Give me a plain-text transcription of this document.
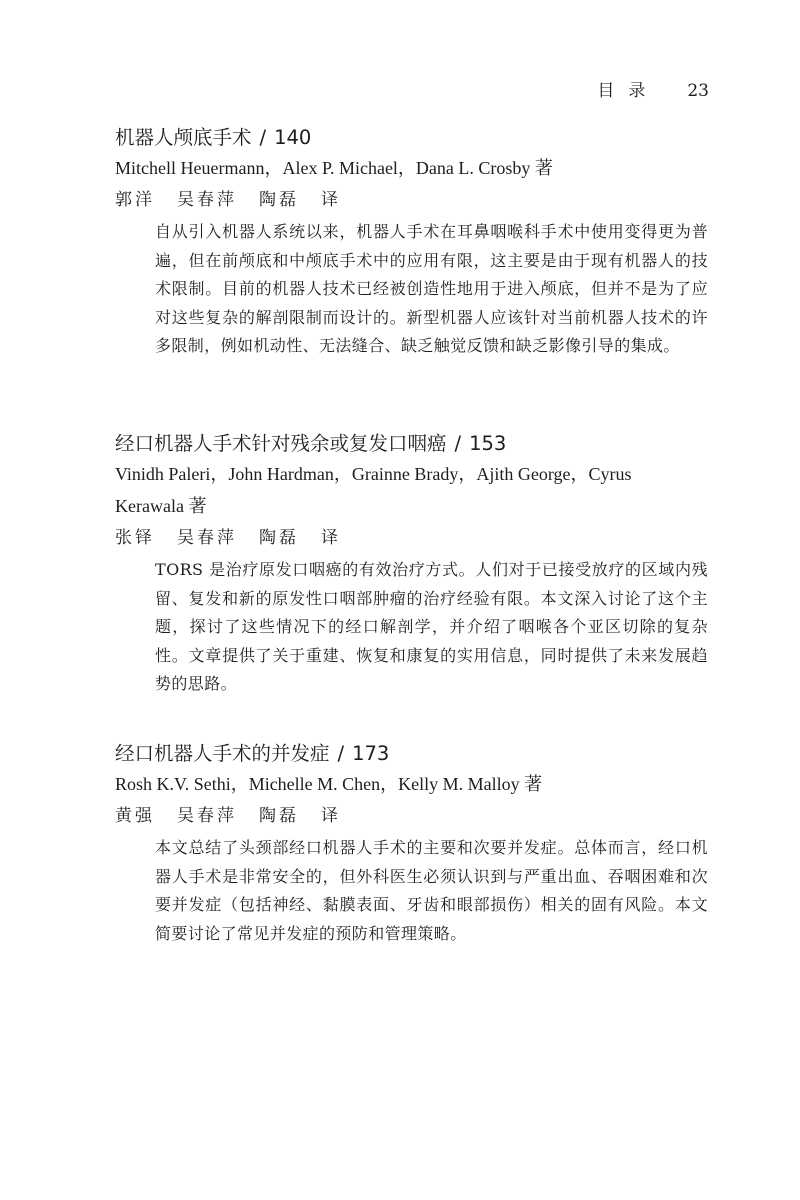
目录 23
机器人颅底手术 / 140
Mitchell Heuermann，Alex P. Michael，Dana L. Crosby 著
郭洋 吴春萍 陶磊 译
自从引入机器人系统以来，机器人手术在耳鼻咽喉科手术中使用变得更为普遍，但在前颅底和中颅底手术中的应用有限，这主要是由于现有机器人的技术限制。目前的机器人技术已经被创造性地用于进入颅底，但并不是为了应对这些复杂的解剖限制而设计的。新型机器人应该针对当前机器人技术的许多限制，例如机动性、无法缝合、缺乏触觉反馈和缺乏影像引导的集成。
经口机器人手术针对残余或复发口咽癌 / 153
Vinidh Paleri，John Hardman，Grainne Brady，Ajith George，Cyrus Kerawala 著
张铎 吴春萍 陶磊 译
TORS 是治疗原发口咽癌的有效治疗方式。人们对于已接受放疗的区域内残留、复发和新的原发性口咽部肿瘤的治疗经验有限。本文深入讨论了这个主题，探讨了这些情况下的经口解剖学，并介绍了咽喉各个亚区切除的复杂性。文章提供了关于重建、恢复和康复的实用信息，同时提供了未来发展趋势的思路。
经口机器人手术的并发症 / 173
Rosh K.V. Sethi，Michelle M. Chen，Kelly M. Malloy 著
黄强 吴春萍 陶磊 译
本文总结了头颈部经口机器人手术的主要和次要并发症。总体而言，经口机器人手术是非常安全的，但外科医生必须认识到与严重出血、吞咽困难和次要并发症（包括神经、黏膜表面、牙齿和眼部损伤）相关的固有风险。本文简要讨论了常见并发症的预防和管理策略。
